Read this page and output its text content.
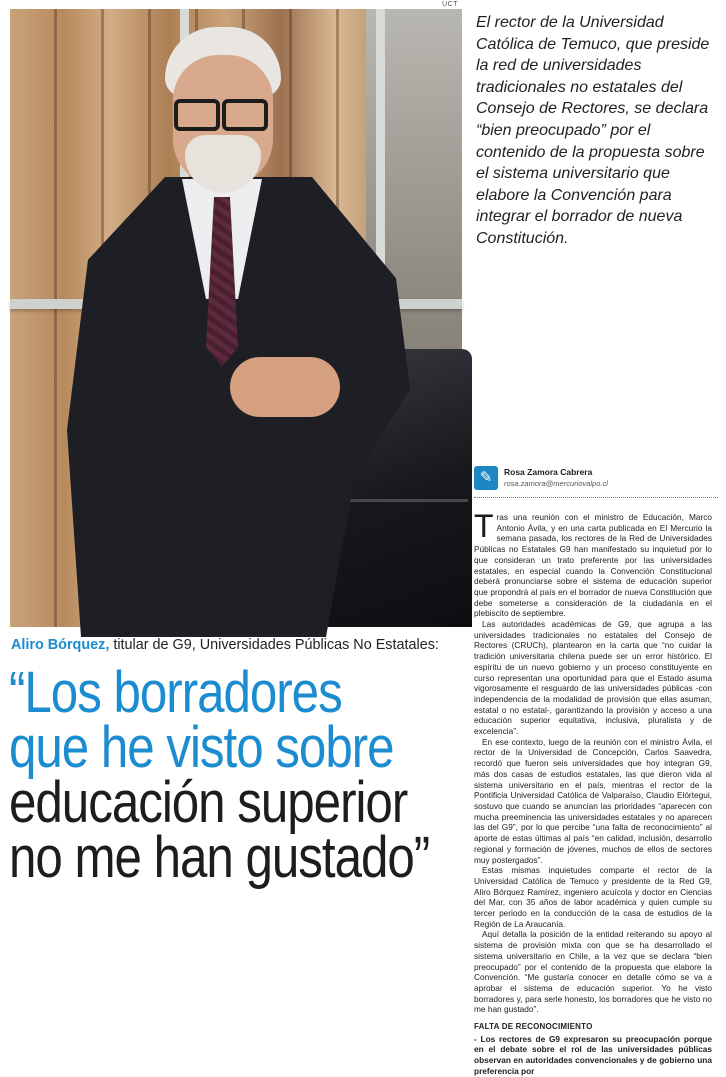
UCT
El rector de la Universidad Católica de Temuco, que preside la red de universidades tradicionales no estatales del Consejo de Rectores, se declara “bien preocupado” por el contenido de la propuesta sobre el sistema universitario que elabore la Convención para integrar el borrador de nueva Constitución.
✎	Rosa Zamora Cabrera
rosa.zamora@mercuriovalpo.cl
Aliro Bórquez, titular de G9, Universidades Públicas No Estatales:
“Los borradores
que he visto sobre
educación superior
no me han gustado”

Tras una reunión con el ministro de Educación, Marco Antonio Ávila, y en una carta publicada en El Mercurio la semana pasada, los rectores de la Red de Universidades Públicas no Estatales G9 han manifestado su inquietud por lo que consideran un trato preferente por las universidades estatales, en especial cuando la Convención Constitucional deberá pronunciarse sobre el sistema de educación superior que propondrá al país en el borrador de nueva Constitución que debe someterse a consideración de la ciudadanía en el plebiscito de septiembre.

Las autoridades académicas de G9, que agrupa a las universidades tradicionales no estatales del Consejo de Rectores (CRUCh), plantearon en la carta que “no cuidar la tradición universitaria chilena puede ser un error histórico. El espíritu de un nuevo gobierno y un proceso constituyente en curso representan una oportunidad para que el Estado asuma vigorosamente el resguardo de las universidades públicas -con independencia de la modalidad de provisión que ellas asuman, estatal o no estatal-, garantizando la provisión y acceso a una educación superior equitativa, inclusiva, pluralista y de excelencia”.

En ese contexto, luego de la reunión con el ministro Ávila, el rector de la Universidad de Concepción, Carlos Saavedra, recordó que fueron seis universidades que hoy integran G9, más dos casas de estudios estatales, las que dieron vida al sistema universitario en el país, mientras el rector de la Pontificia Universidad Católica de Valparaíso, Claudio Elórtegui, sostuvo que cuando se anuncian las prioridades “aparecen con mucha preeminencia las universidades estatales y no aparecen las del G9”, por lo que percibe “una falta de reconocimiento” al aporte de estas últimas al país “en calidad, inclusión, desarrollo regional y formación de jóvenes, muchos de ellos de sectores muy postergados”.

Estas mismas inquietudes comparte el rector de la Universidad Católica de Temuco y presidente de la Red G9, Aliro Bórquez Ramírez, ingeniero acuícola y doctor en Ciencias del Mar, con 35 años de labor académica y quien cumple su tercer periodo en la conducción de la casa de estudios de la Región de La Araucanía.

Aquí detalla la posición de la entidad reiterando su apoyo al sistema de provisión mixta con que se ha desarrollado el sistema universitario en Chile, a la vez que se declara “bien preocupado” por el contenido de la propuesta que elabore la Convención. “Me gustaría conocer en detalle cómo se va a aprobar el sistema de educación superior. Yo he visto borradores y, para serle honesto, los borradores que he visto no me han gustado”.

FALTA DE RECONOCIMIENTO
- Los rectores de G9 expresaron su preocupación porque en el debate sobre el rol de las universidades públicas observan en autoridades convencionales y de gobierno una preferencia por
